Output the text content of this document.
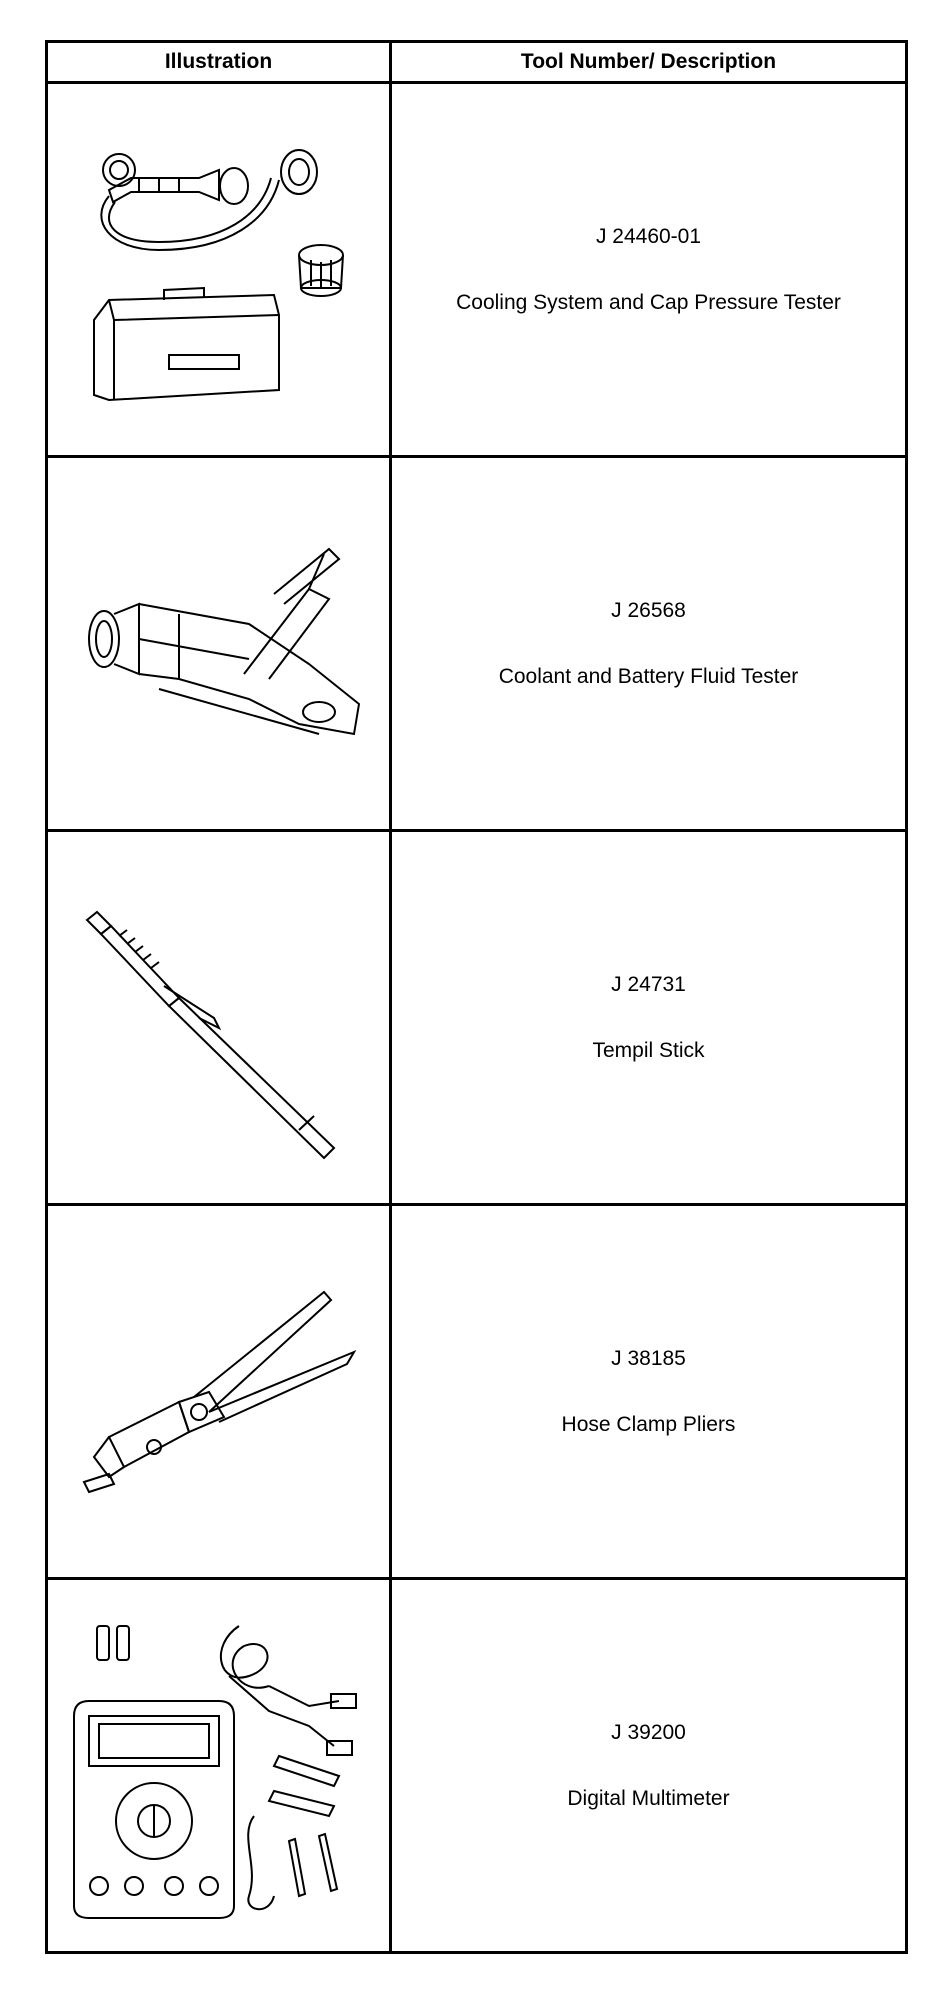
Illustration	Tool Number/ Description

J 24460-01
Cooling System and Cap Pressure Tester

J 26568
Coolant and Battery Fluid Tester

J 24731
Tempil Stick

J 38185
Hose Clamp Pliers

J 39200
Digital Multimeter
